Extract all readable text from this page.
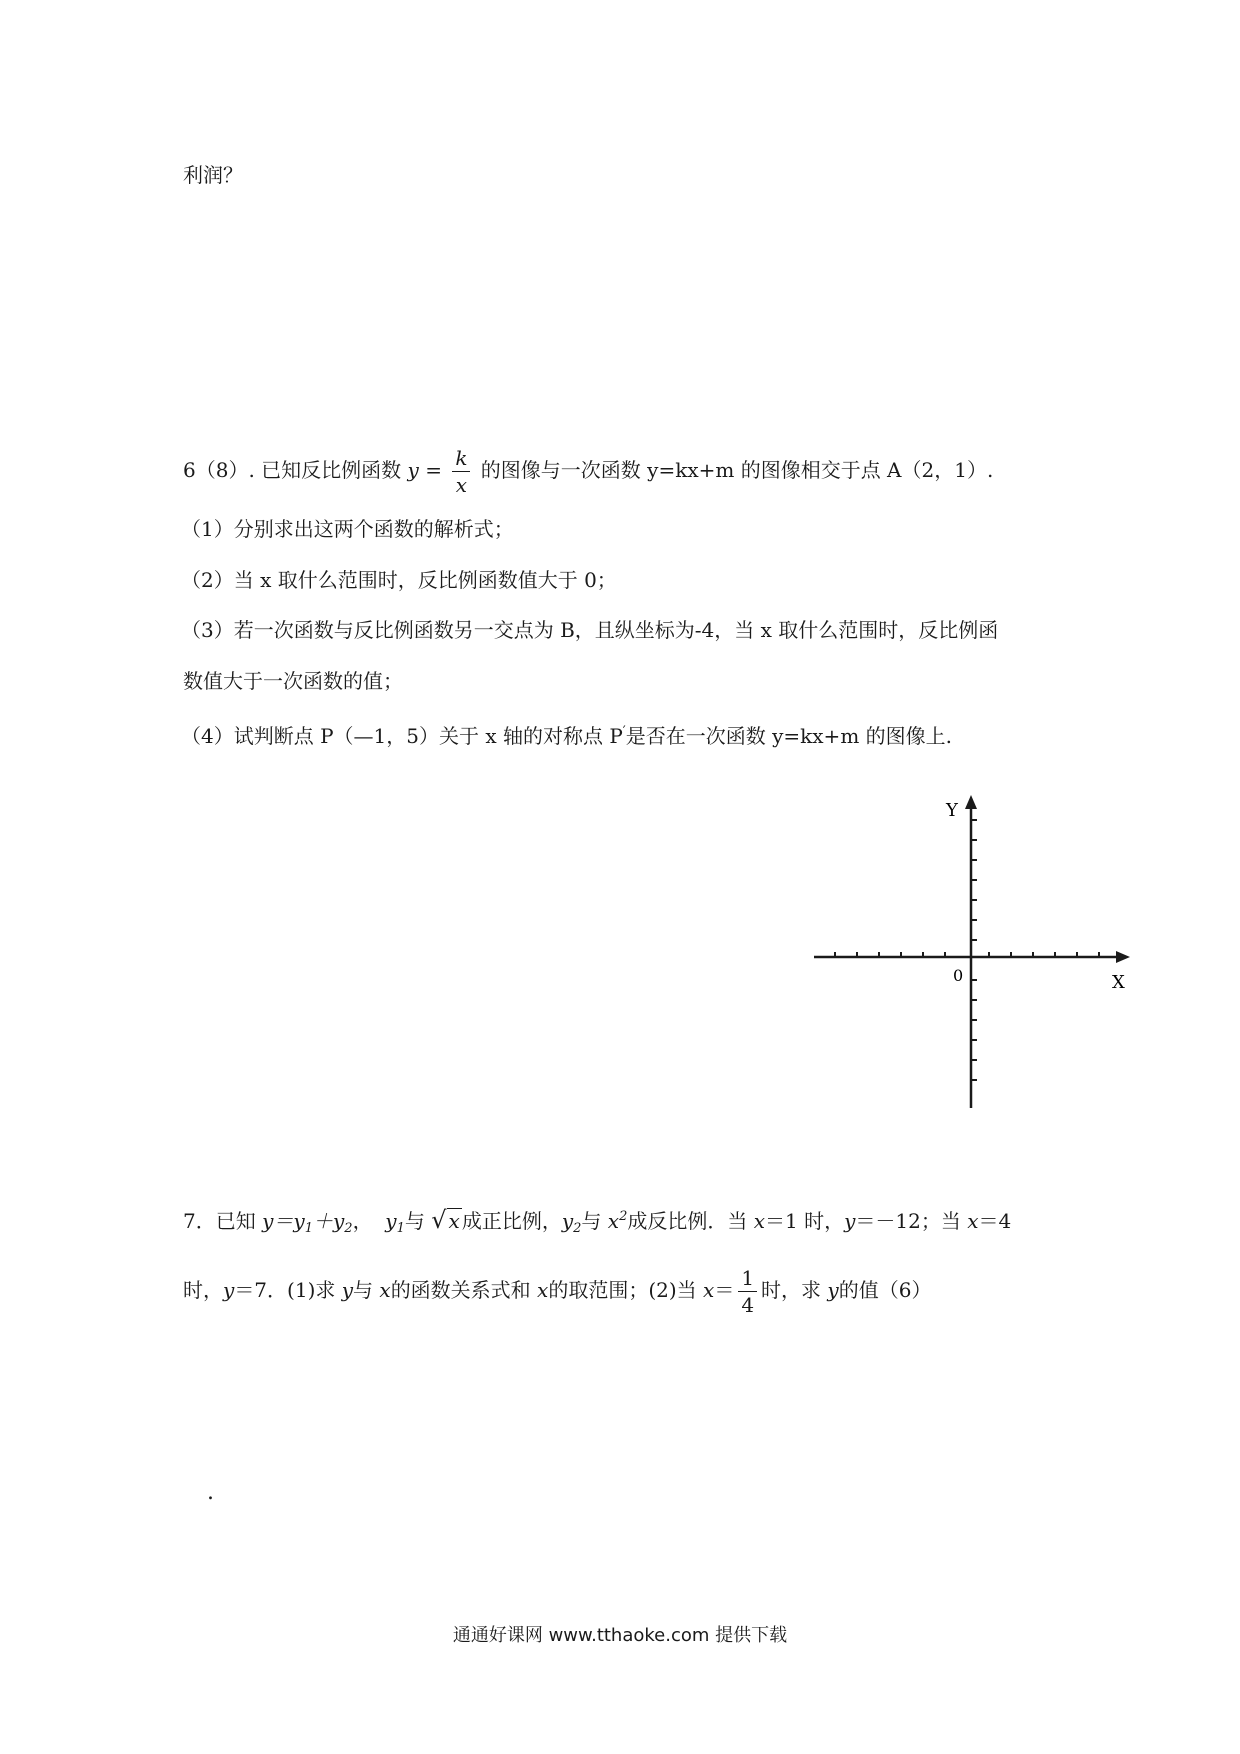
利润？
6（8）. 已知反比例函数 $y = \frac{k}{x}$ 的图像与一次函数 y=kx+m 的图像相交于点 A（2，1）.
（1）分别求出这两个函数的解析式；
（2）当 x 取什么范围时，反比例函数值大于 0；
（3）若一次函数与反比例函数另一交点为 B，且纵坐标为-4，当 x 取什么范围时，反比例函
数值大于一次函数的值；
（4）试判断点 P（—1，5）关于 x 轴的对称点 P′是否在一次函数 y=kx+m 的图像上.
Y
X
0
7．已知 $y=y_1+y_2$， $y_1$与 √ x 成正比例，$y_2$与 $x^2$成反比例．当 x＝1 时，y＝－12；当 x＝4
时，y＝7．(1)求 y与 x的函数关系式和 x的取范围；(2)当 $x= \frac{1}{4}$ 时，求 y的值（6）
.
通通好课网 www.tthaoke.com 提供下载
